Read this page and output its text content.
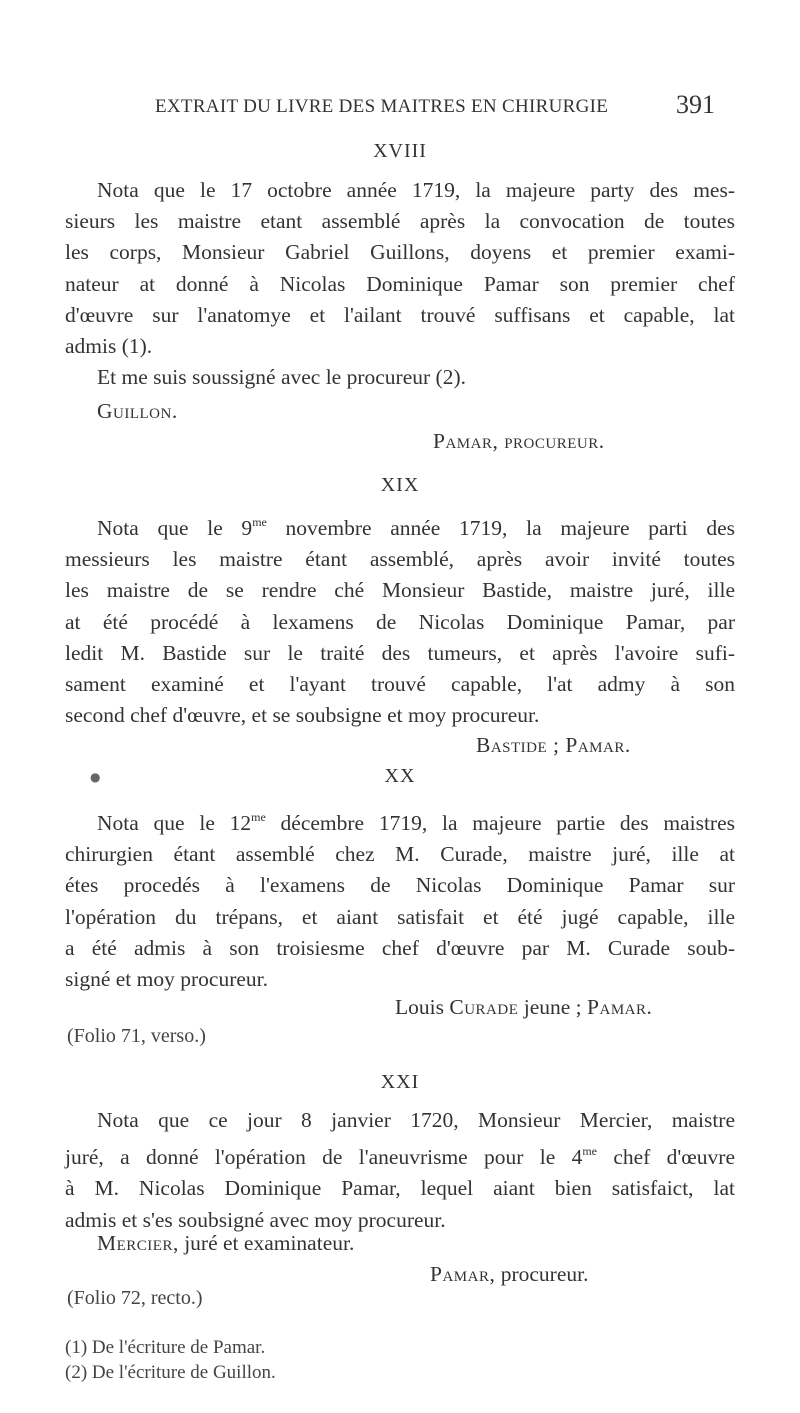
EXTRAIT DU LIVRE DES MAITRES EN CHIRURGIE	391
XVIII
Nota que le 17 octobre année 1719, la majeure party des mes-
sieurs les maistre etant assemblé après la convocation de toutes
les corps, Monsieur Gabriel Guillons, doyens et premier exami-
nateur at donné à Nicolas Dominique Pamar son premier chef
d'œuvre sur l'anatomye et l'ailant trouvé suffisans et capable, lat
admis (1).
Et me suis soussigné avec le procureur (2).
Guillon.
Pamar, procureur.
XIX
Nota que le $9^{me}$ novembre année 1719, la majeure parti des
messieurs les maistre étant assemblé, après avoir invité toutes
les maistre de se rendre ché Monsieur Bastide, maistre juré, ille
at été procédé à lexamens de Nicolas Dominique Pamar, par
ledit M. Bastide sur le traité des tumeurs, et après l'avoire sufi-
sament examiné et l'ayant trouvé capable, l'at admy à son
second chef d'œuvre, et se soubsigne et moy procureur.
Bastide ; Pamar.
●	XX
Nota que le $12^{me}$ décembre 1719, la majeure partie des maistres
chirurgien étant assemblé chez M. Curade, maistre juré, ille at
étes procedés à l'examens de Nicolas Dominique Pamar sur
l'opération du trépans, et aiant satisfait et été jugé capable, ille
a été admis à son troisiesme chef d'œuvre par M. Curade soub-
signé et moy procureur.
Louis Curade jeune ; Pamar.
(Folio 71, verso.)
XXI
Nota que ce jour 8 janvier 1720, Monsieur Mercier, maistre
juré, a donné l'opération de l'aneuvrisme pour le $4^{me}$ chef d'œuvre
à M. Nicolas Dominique Pamar, lequel aiant bien satisfaict, lat
admis et s'es soubsigné avec moy procureur.
Mercier, juré et examinateur.
Pamar, procureur.
(Folio 72, recto.)
(1) De l'écriture de Pamar.
(2) De l'écriture de Guillon.
